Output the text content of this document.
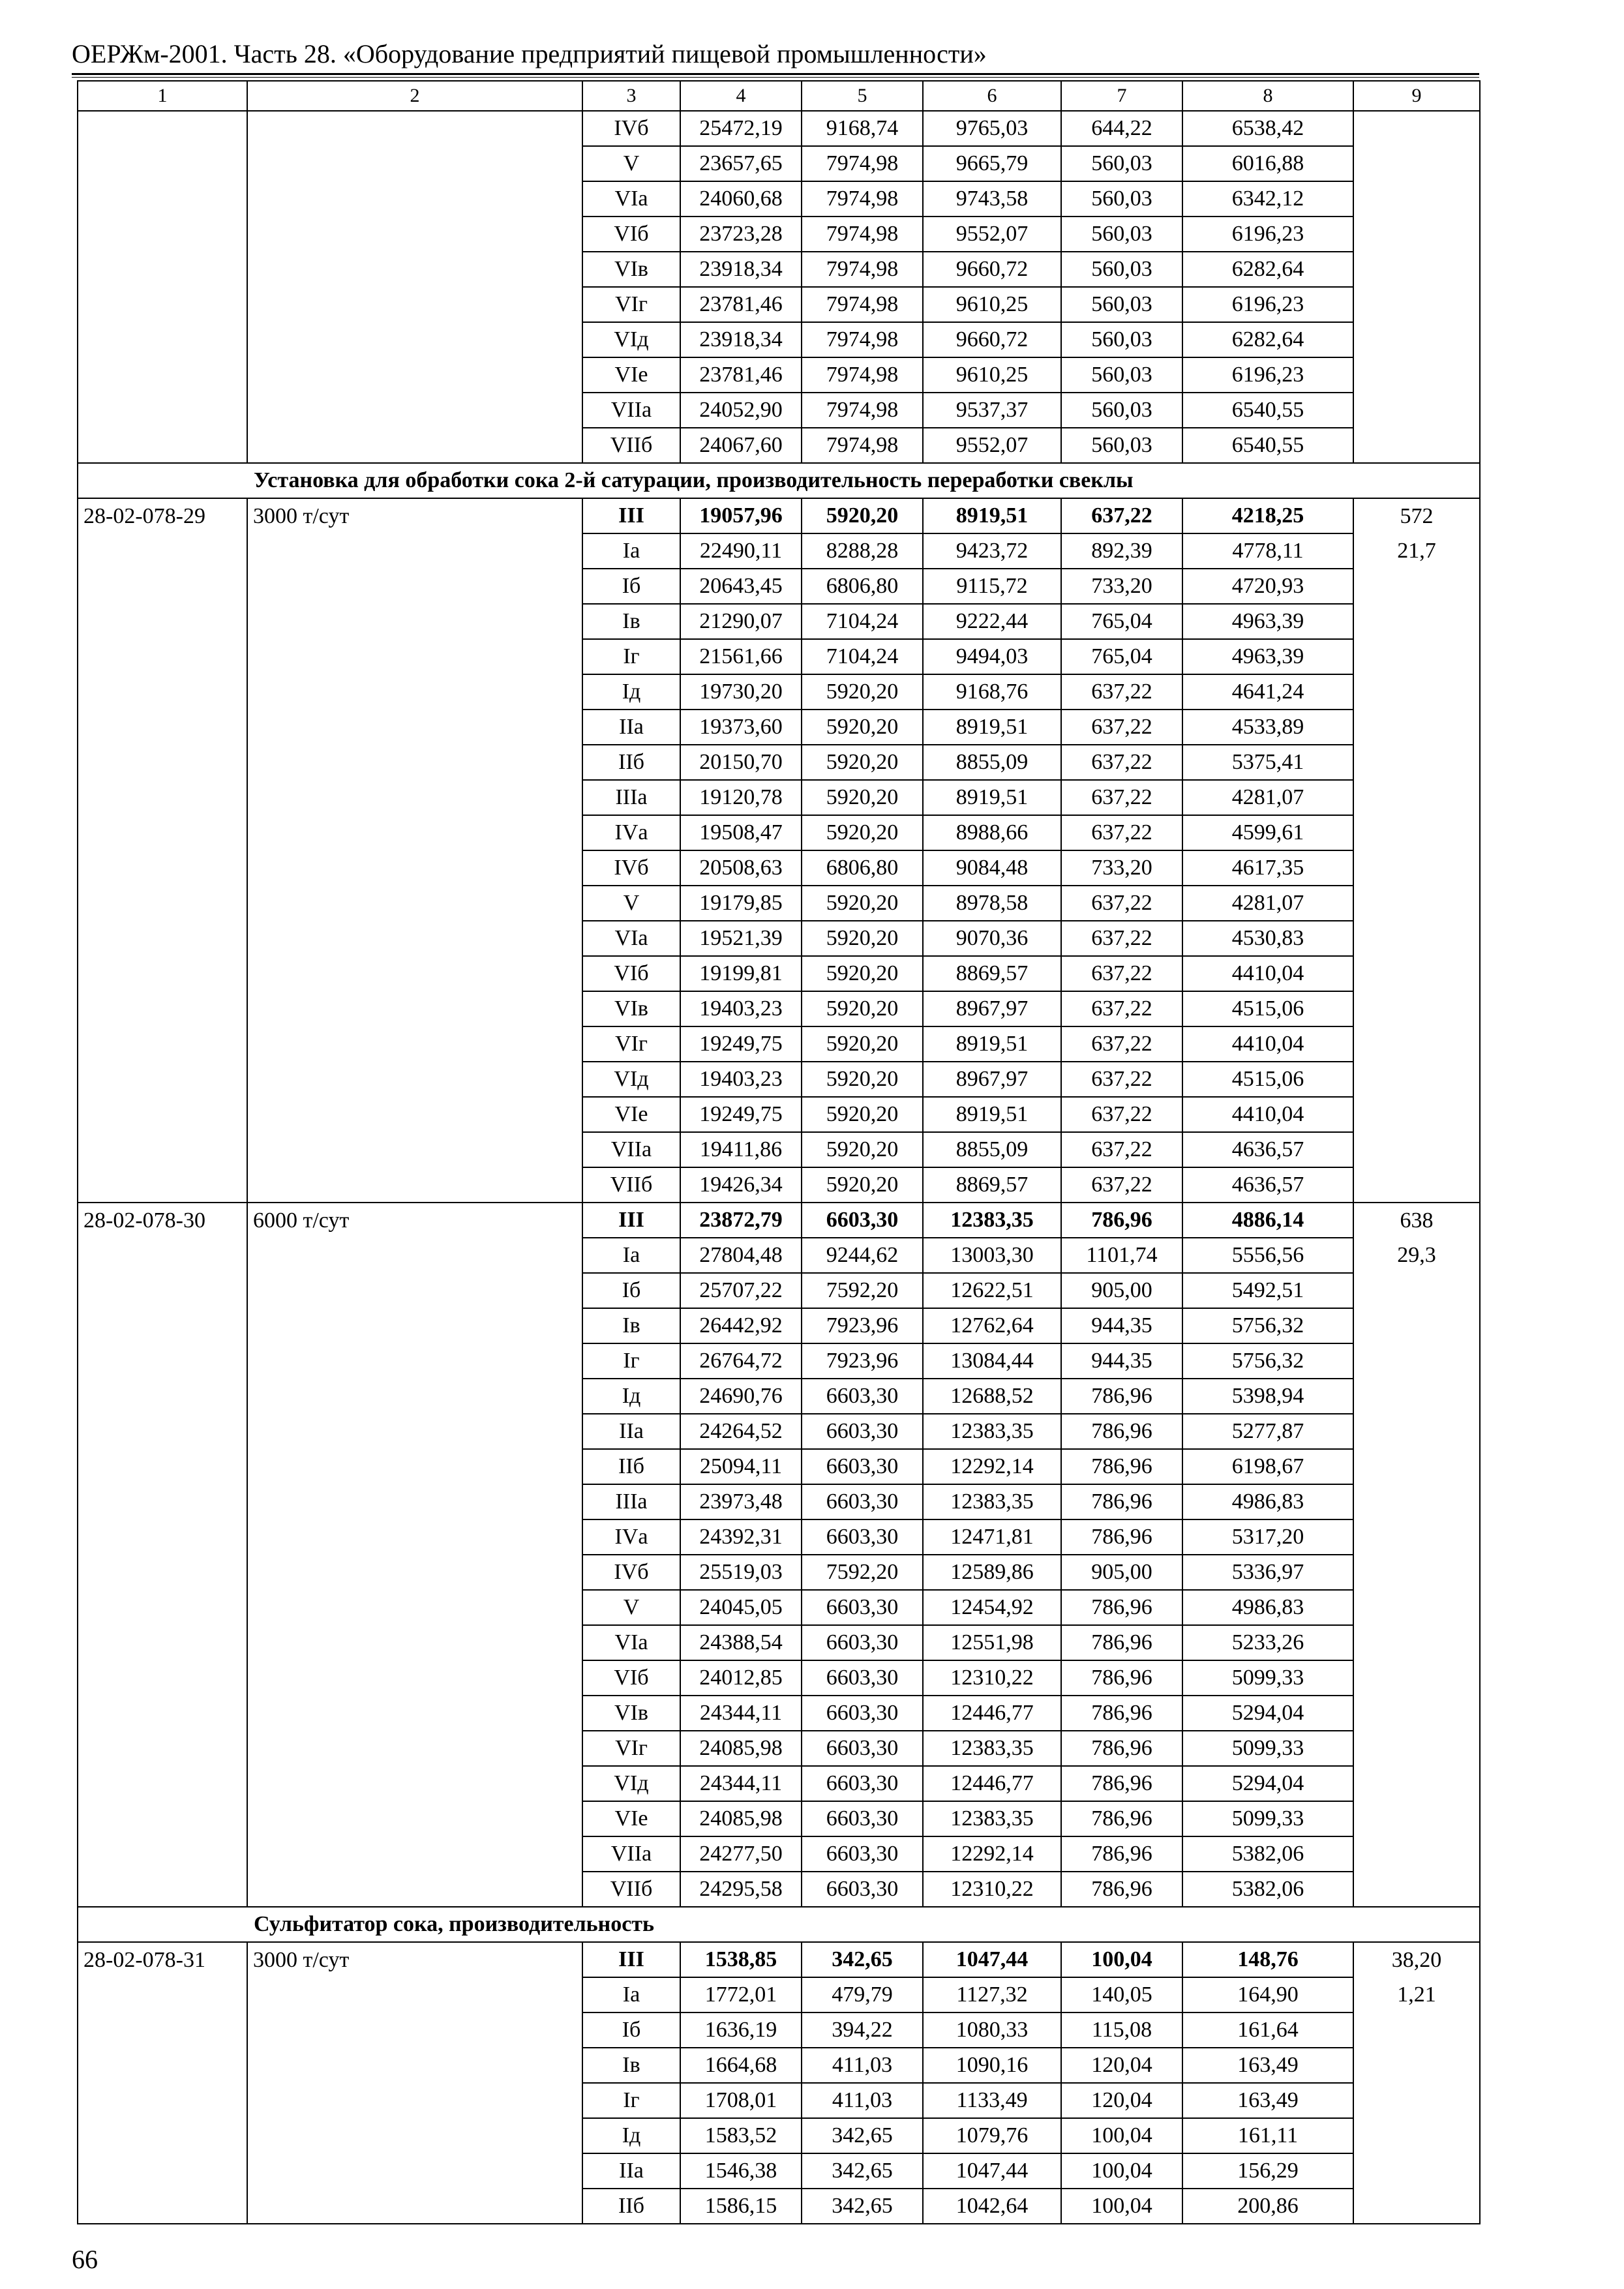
ОЕРЖм-2001. Часть 28. «Оборудование предприятий пищевой промышленности»
1	2	3	4	5	6	7	8	9
		IVб	25472,19	9168,74	9765,03	644,22	6538,42	
		V	23657,65	7974,98	9665,79	560,03	6016,88	
		VIа	24060,68	7974,98	9743,58	560,03	6342,12	
		VIб	23723,28	7974,98	9552,07	560,03	6196,23	
		VIв	23918,34	7974,98	9660,72	560,03	6282,64	
		VIг	23781,46	7974,98	9610,25	560,03	6196,23	
		VIд	23918,34	7974,98	9660,72	560,03	6282,64	
		VIе	23781,46	7974,98	9610,25	560,03	6196,23	
		VIIа	24052,90	7974,98	9537,37	560,03	6540,55	
		VIIб	24067,60	7974,98	9552,07	560,03	6540,55	
	Установка для обработки сока 2-й сатурации, производительность переработки свеклы							
28-02-078-29	3000 т/сут	III	19057,96	5920,20	8919,51	637,22	4218,25	572
		Iа	22490,11	8288,28	9423,72	892,39	4778,11	21,7
		Iб	20643,45	6806,80	9115,72	733,20	4720,93	
		Iв	21290,07	7104,24	9222,44	765,04	4963,39	
		Iг	21561,66	7104,24	9494,03	765,04	4963,39	
		Iд	19730,20	5920,20	9168,76	637,22	4641,24	
		IIа	19373,60	5920,20	8919,51	637,22	4533,89	
		IIб	20150,70	5920,20	8855,09	637,22	5375,41	
		IIIа	19120,78	5920,20	8919,51	637,22	4281,07	
		IVа	19508,47	5920,20	8988,66	637,22	4599,61	
		IVб	20508,63	6806,80	9084,48	733,20	4617,35	
		V	19179,85	5920,20	8978,58	637,22	4281,07	
		VIа	19521,39	5920,20	9070,36	637,22	4530,83	
		VIб	19199,81	5920,20	8869,57	637,22	4410,04	
		VIв	19403,23	5920,20	8967,97	637,22	4515,06	
		VIг	19249,75	5920,20	8919,51	637,22	4410,04	
		VIд	19403,23	5920,20	8967,97	637,22	4515,06	
		VIе	19249,75	5920,20	8919,51	637,22	4410,04	
		VIIа	19411,86	5920,20	8855,09	637,22	4636,57	
		VIIб	19426,34	5920,20	8869,57	637,22	4636,57	
28-02-078-30	6000 т/сут	III	23872,79	6603,30	12383,35	786,96	4886,14	638
		Iа	27804,48	9244,62	13003,30	1101,74	5556,56	29,3
		Iб	25707,22	7592,20	12622,51	905,00	5492,51	
		Iв	26442,92	7923,96	12762,64	944,35	5756,32	
		Iг	26764,72	7923,96	13084,44	944,35	5756,32	
		Iд	24690,76	6603,30	12688,52	786,96	5398,94	
		IIа	24264,52	6603,30	12383,35	786,96	5277,87	
		IIб	25094,11	6603,30	12292,14	786,96	6198,67	
		IIIа	23973,48	6603,30	12383,35	786,96	4986,83	
		IVа	24392,31	6603,30	12471,81	786,96	5317,20	
		IVб	25519,03	7592,20	12589,86	905,00	5336,97	
		V	24045,05	6603,30	12454,92	786,96	4986,83	
		VIа	24388,54	6603,30	12551,98	786,96	5233,26	
		VIб	24012,85	6603,30	12310,22	786,96	5099,33	
		VIв	24344,11	6603,30	12446,77	786,96	5294,04	
		VIг	24085,98	6603,30	12383,35	786,96	5099,33	
		VIд	24344,11	6603,30	12446,77	786,96	5294,04	
		VIе	24085,98	6603,30	12383,35	786,96	5099,33	
		VIIа	24277,50	6603,30	12292,14	786,96	5382,06	
		VIIб	24295,58	6603,30	12310,22	786,96	5382,06	
	Сульфитатор сока, производительность							
28-02-078-31	3000 т/сут	III	1538,85	342,65	1047,44	100,04	148,76	38,20
		Iа	1772,01	479,79	1127,32	140,05	164,90	1,21
		Iб	1636,19	394,22	1080,33	115,08	161,64	
		Iв	1664,68	411,03	1090,16	120,04	163,49	
		Iг	1708,01	411,03	1133,49	120,04	163,49	
		Iд	1583,52	342,65	1079,76	100,04	161,11	
		IIа	1546,38	342,65	1047,44	100,04	156,29	
		IIб	1586,15	342,65	1042,64	100,04	200,86	
66
